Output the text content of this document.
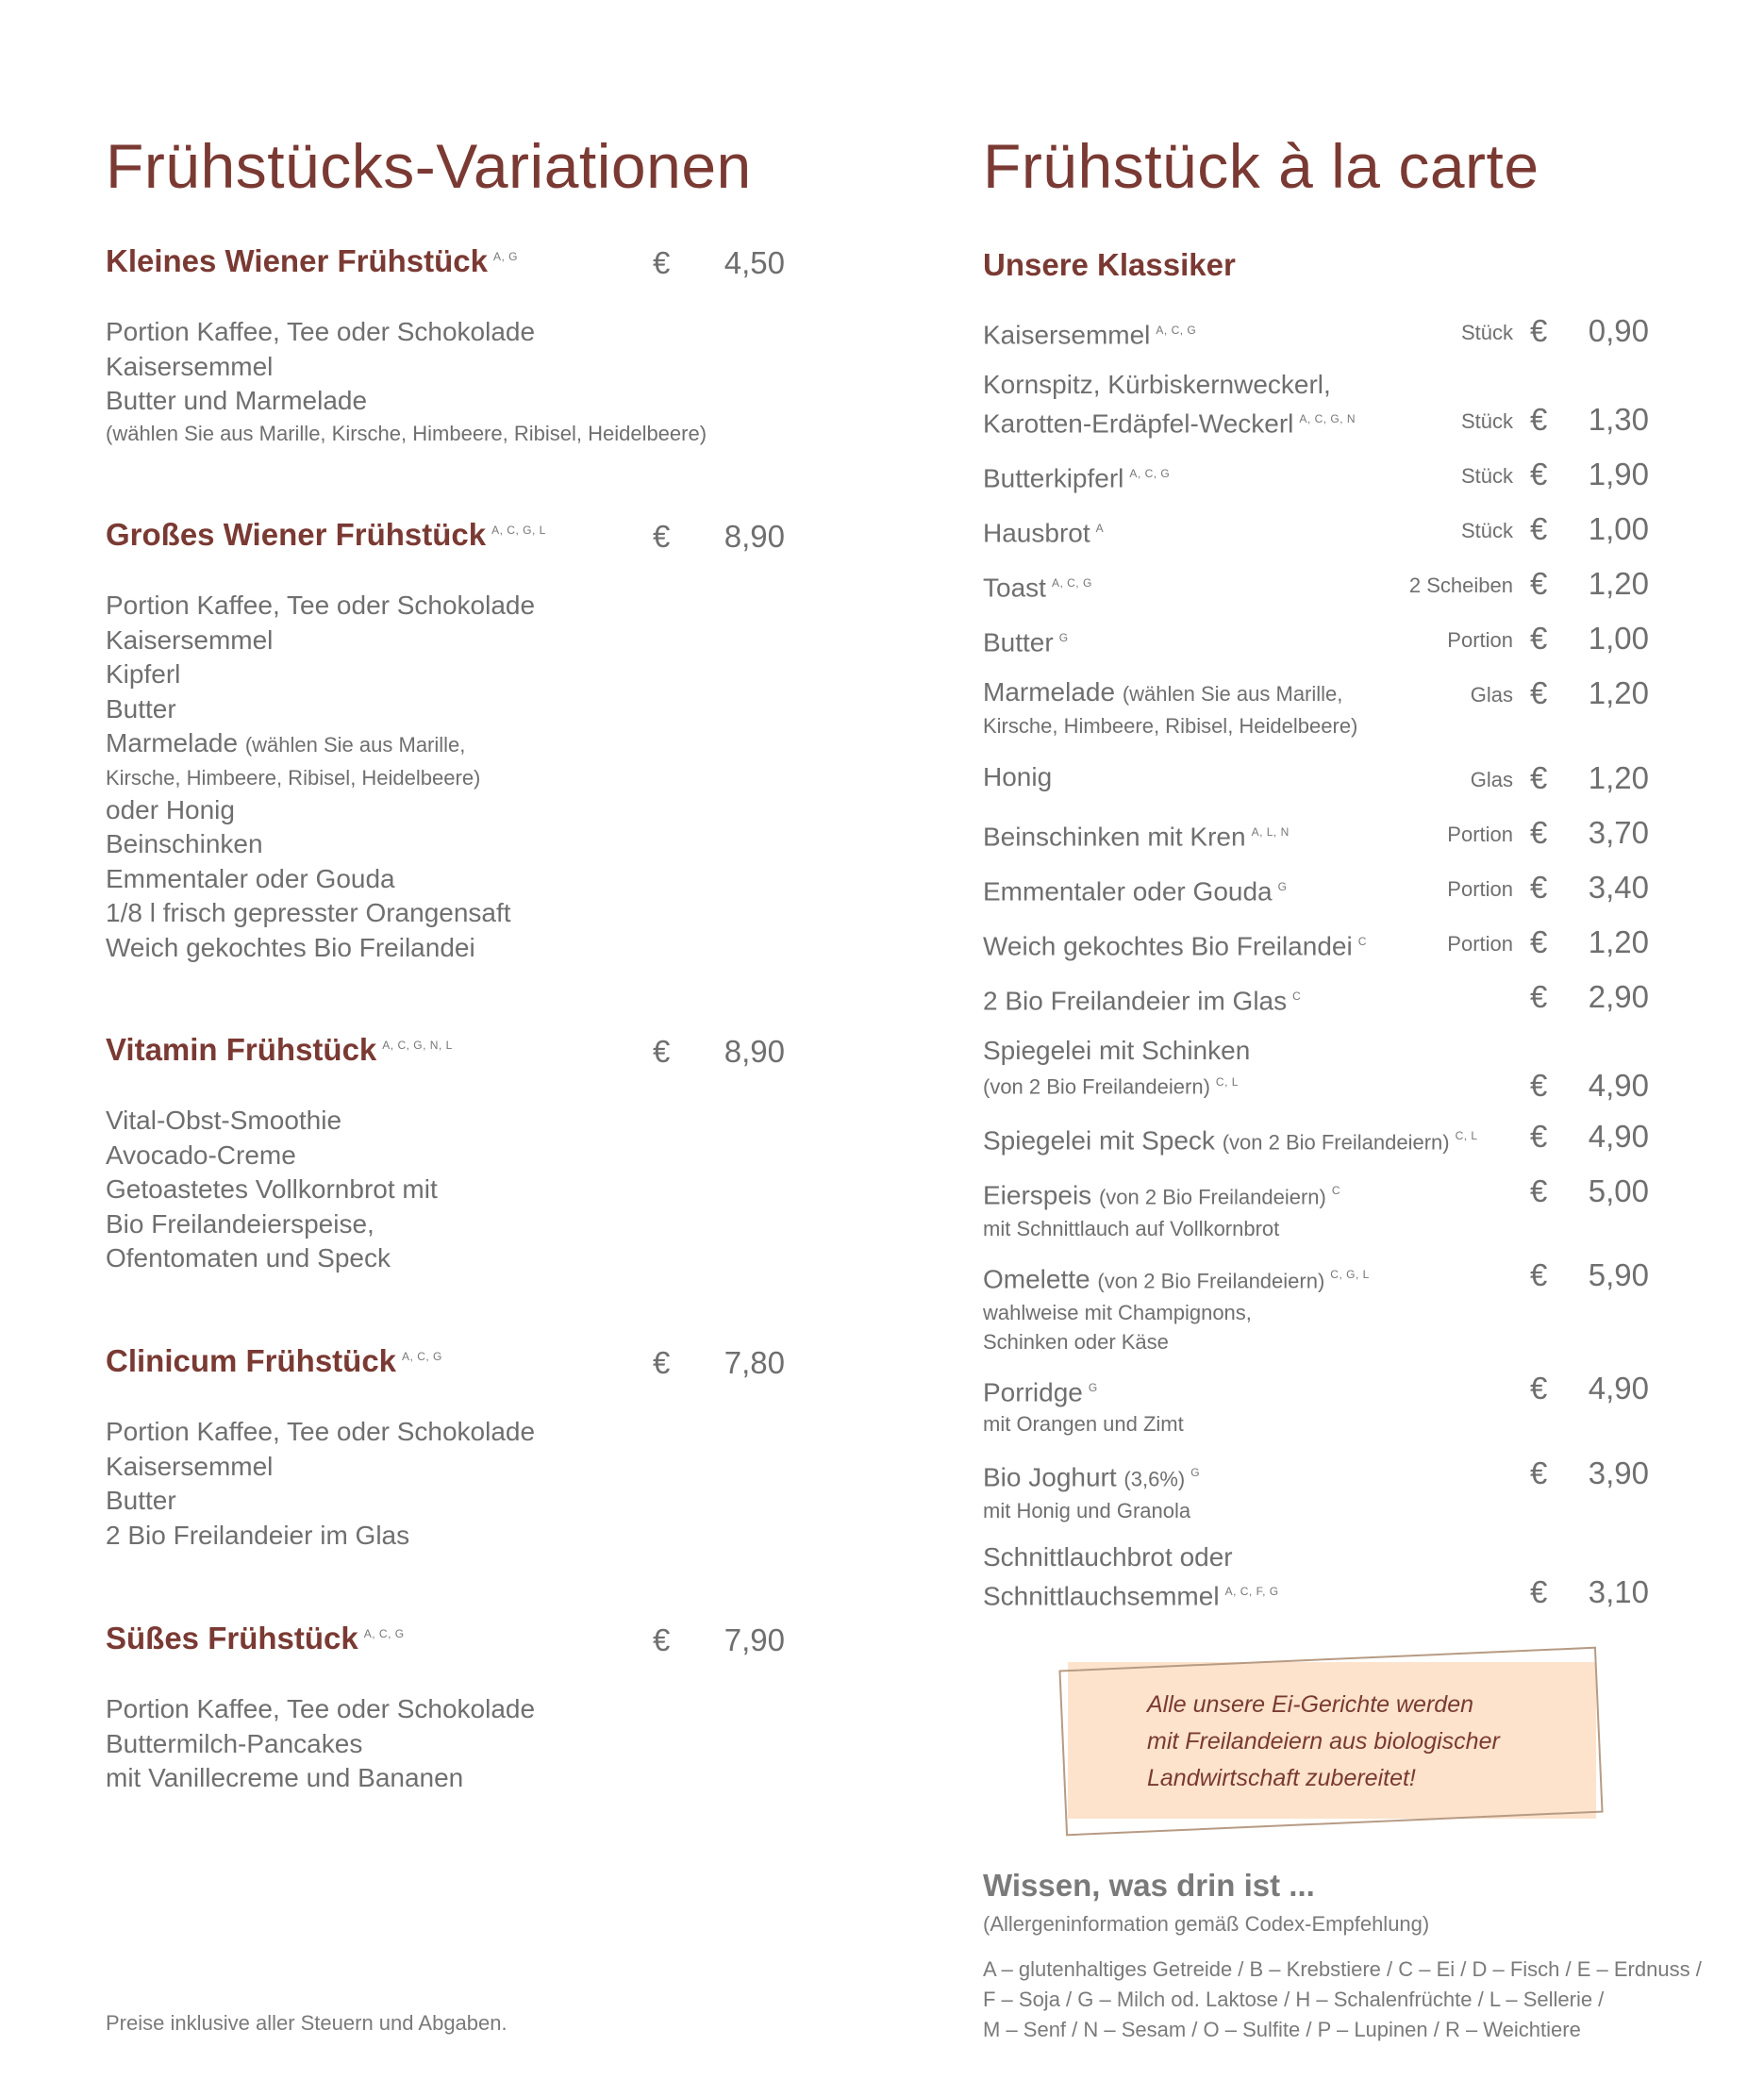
Frühstücks-Variationen	Frühstück à la carte
Kleines Wiener Frühstück $^{A, G}$	€	4,50
Portion Kaffee, Tee oder Schokolade
Kaisersemmel
Butter und Marmelade
(wählen Sie aus Marille, Kirsche, Himbeere, Ribisel, Heidelbeere)
Großes Wiener Frühstück $^{A, C, G, L}$	€	8,90
Portion Kaffee, Tee oder Schokolade
Kaisersemmel
Kipferl
Butter
Marmelade (wählen Sie aus Marille,
Kirsche, Himbeere, Ribisel, Heidelbeere)
oder Honig
Beinschinken
Emmentaler oder Gouda
1/8 l frisch gepresster Orangensaft
Weich gekochtes Bio Freilandei
Vitamin Frühstück $^{A, C, G, N, L}$	€	8,90
Vital-Obst-Smoothie
Avocado-Creme
Getoastetes Vollkornbrot mit
Bio Freilandeierspeise,
Ofentomaten und Speck
Clinicum Frühstück $^{A, C, G}$	€	7,80
Portion Kaffee, Tee oder Schokolade
Kaisersemmel
Butter
2 Bio Freilandeier im Glas
Süßes Frühstück $^{A, C, G}$	€	7,90
Portion Kaffee, Tee oder Schokolade
Buttermilch-Pancakes
mit Vanillecreme und Bananen
Preise inklusive aller Steuern und Abgaben.
Unsere Klassiker
Kaisersemmel $^{A, C, G}$	Stück € 0,90
Kornspitz, Kürbiskernweckerl,
Karotten-Erdäpfel-Weckerl $^{A, C, G, N}$	Stück € 1,30
Butterkipferl $^{A, C, G}$	Stück € 1,90
Hausbrot $^A$	Stück € 1,00
Toast $^{A, C, G}$	2 Scheiben € 1,20
Butter $^G$	Portion € 1,00
Marmelade (wählen Sie aus Marille,
Kirsche, Himbeere, Ribisel, Heidelbeere)
Glas € 1,20
Honig	Glas € 1,20
Beinschinken mit Kren $^{A, L, N}$	Portion € 3,70
Emmentaler oder Gouda $^G$	Portion € 3,40
Weich gekochtes Bio Freilandei $^C$	Portion € 1,20
2 Bio Freilandeier im Glas $^C$	€ 2,90
Spiegelei mit Schinken
(von 2 Bio Freilandeiern) $^{C, L}$	€ 4,90
Spiegelei mit Speck (von 2 Bio Freilandeiern) $^{C, L}$	€ 4,90
Eierspeis (von 2 Bio Freilandeiern) $^C$
mit Schnittlauch auf Vollkornbrot
€ 5,00
Omelette (von 2 Bio Freilandeiern) $^{C, G, L}$
wahlweise mit Champignons,
Schinken oder Käse
€ 5,90
Porridge $^G$
mit Orangen und Zimt
€ 4,90
Bio Joghurt (3,6%) $^G$
mit Honig und Granola
€ 3,90
Schnittlauchbrot oder
Schnittlauchsemmel $^{A, C, F, G}$	€ 3,10
Alle unsere Ei-Gerichte werden
mit Freilandeiern aus biologischer
Landwirtschaft zubereitet!
Wissen, was drin ist ...
(Allergeninformation gemäß Codex-Empfehlung)
A – glutenhaltiges Getreide / B – Krebstiere / C – Ei / D – Fisch / E – Erdnuss /
F – Soja / G – Milch od. Laktose / H – Schalenfrüchte / L – Sellerie /
M – Senf / N – Sesam / O – Sulfite / P – Lupinen / R – Weichtiere
